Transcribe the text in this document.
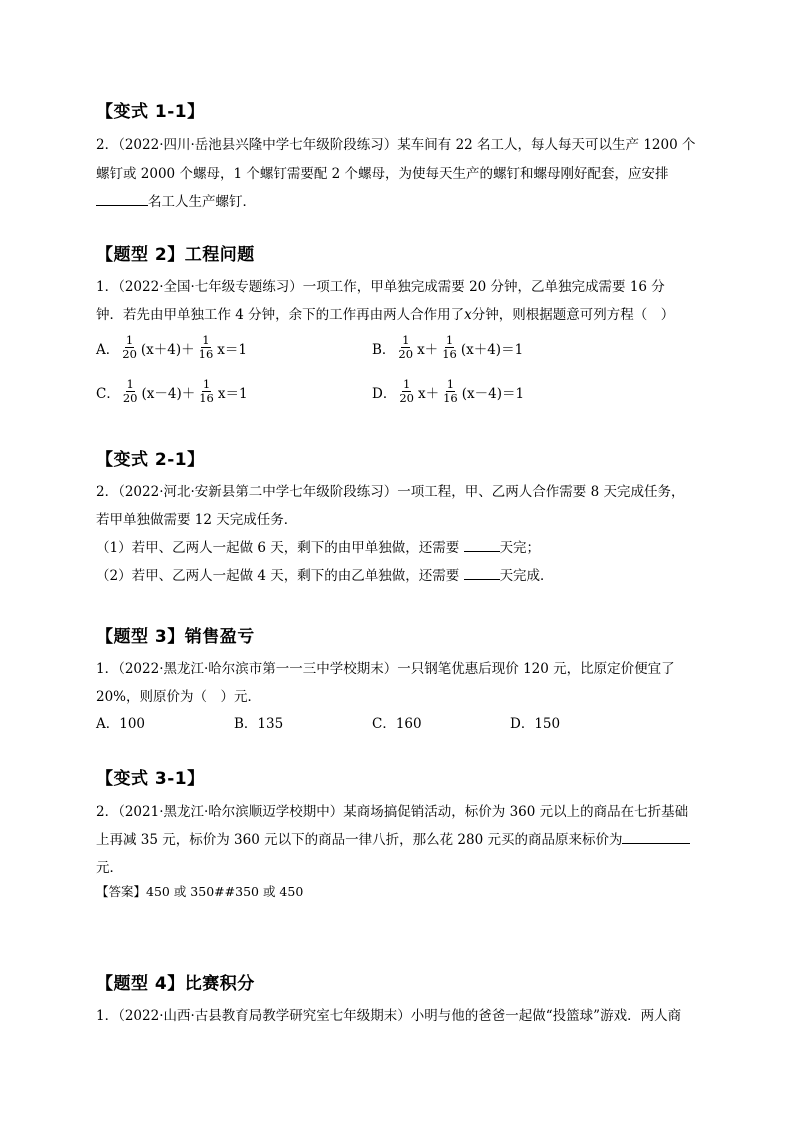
【变式 1-1】
2．（2022·四川·岳池县兴隆中学七年级阶段练习）某车间有 22 名工人，每人每天可以生产 1200 个
螺钉或 2000 个螺母，1 个螺钉需要配 2 个螺母，为使每天生产的螺钉和螺母刚好配套，应安排
名工人生产螺钉．
【题型 2】工程问题
1．（2022·全国·七年级专题练习）一项工作，甲单独完成需要 20 分钟，乙单独完成需要 16 分
钟．若先由甲单独工作 4 分钟，余下的工作再由两人合作用了x分钟，则根据题意可列方程（　）
A． $\frac{1}{20} (x+4)+ \frac{1}{16} x=1$	B． $\frac{1}{20} x+ \frac{1}{16} (x+4)=1$
C． $\frac{1}{20} (x-4)+ \frac{1}{16} x=1$	D． $\frac{1}{20} x+ \frac{1}{16} (x-4)=1$
【变式 2-1】
2．（2022·河北·安新县第二中学七年级阶段练习）一项工程，甲、乙两人合作需要 8 天完成任务，
若甲单独做需要 12 天完成任务．
（1）若甲、乙两人一起做 6 天，剩下的由甲单独做，还需要	天完；
（2）若甲、乙两人一起做 4 天，剩下的由乙单独做，还需要	天完成．
【题型 3】销售盈亏
1．（2022·黑龙江·哈尔滨市第一一三中学校期末）一只钢笔优惠后现价 120 元，比原定价便宜了
20%，则原价为（　）元．
A．100	B．135	C．160	D．150
【变式 3-1】
2．（2021·黑龙江·哈尔滨顺迈学校期中）某商场搞促销活动，标价为 360 元以上的商品在七折基础
上再减 35 元，标价为 360 元以下的商品一律八折，那么花 280 元买的商品原来标价为
元．
【答案】450 或 350##350 或 450
【题型 4】比赛积分
1．（2022·山西·古县教育局教学研究室七年级期末）小明与他的爸爸一起做“投篮球”游戏．两人商
